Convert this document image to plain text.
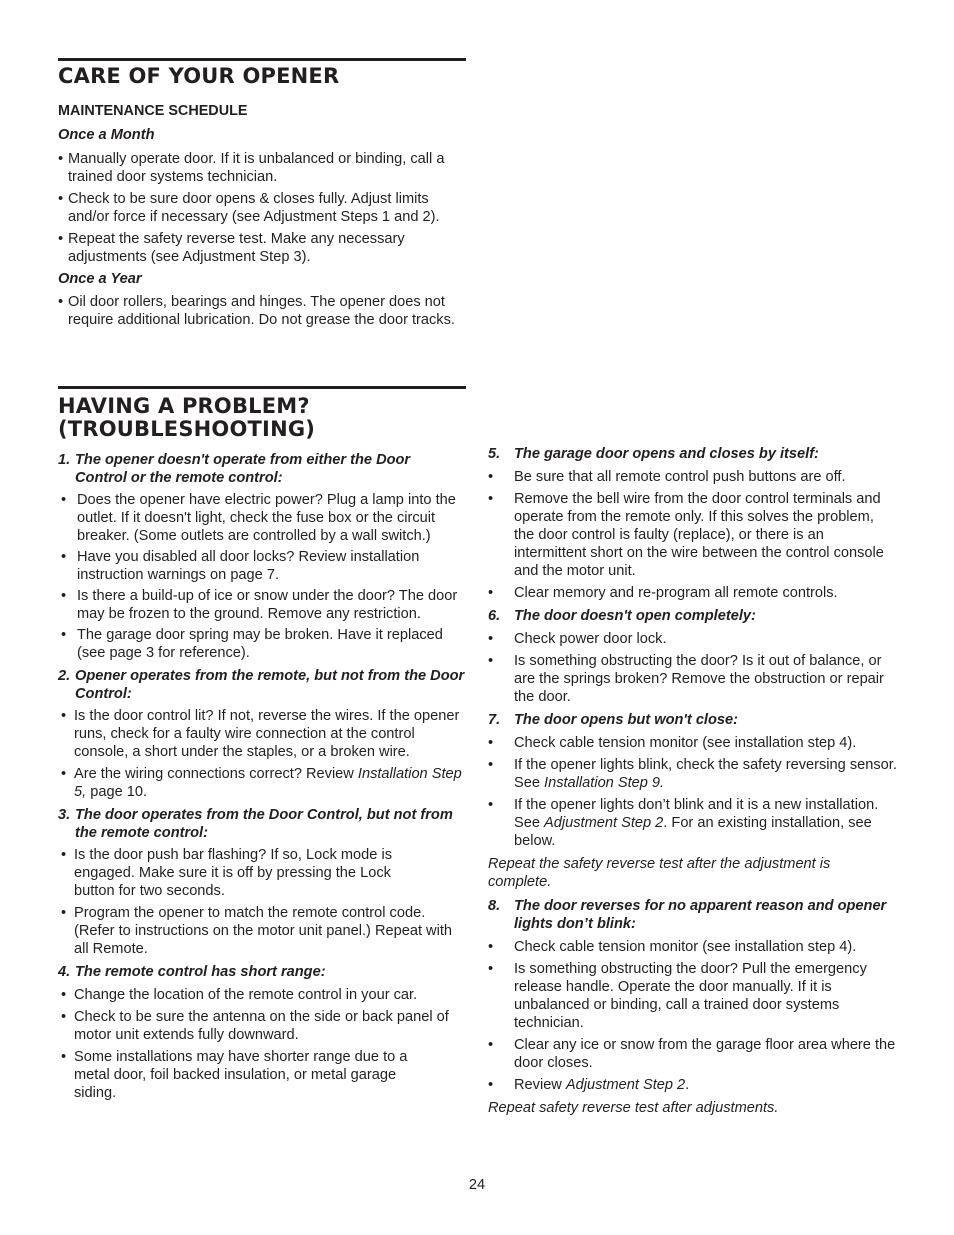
CARE OF YOUR OPENER

MAINTENANCE SCHEDULE

Once a Month

• Manually operate door. If it is unbalanced or binding, call a trained door systems technician.

• Check to be sure door opens & closes fully. Adjust limits and/or force if necessary (see Adjustment Steps 1 and 2).

• Repeat the safety reverse test. Make any necessary adjustments (see Adjustment Step 3).

Once a Year

• Oil door rollers, bearings and hinges. The opener does not require additional lubrication. Do not grease the door tracks.

HAVING A PROBLEM?
(TROUBLESHOOTING)

1. The opener doesn't operate from either the Door Control or the remote control:

• Does the opener have electric power? Plug a lamp into the outlet. If it doesn't light, check the fuse box or the circuit breaker. (Some outlets are controlled by a wall switch.)

• Have you disabled all door locks? Review installation instruction warnings on page 7.

• Is there a build-up of ice or snow under the door? The door may be frozen to the ground. Remove any restriction.

• The garage door spring may be broken. Have it replaced (see page 3 for reference).

2. Opener operates from the remote, but not from the Door Control:

• Is the door control lit? If not, reverse the wires. If the opener runs, check for a faulty wire connection at the control console, a short under the staples, or a broken wire.

• Are the wiring connections correct? Review Installation Step 5, page 10.

3. The door operates from the Door Control, but not from the remote control:

• Is the door push bar flashing? If so, Lock mode is engaged. Make sure it is off by pressing the Lock button for two seconds.

• Program the opener to match the remote control code. (Refer to instructions on the motor unit panel.) Repeat with all Remote.

4. The remote control has short range:

• Change the location of the remote control in your car.

• Check to be sure the antenna on the side or back panel of motor unit extends fully downward.

• Some installations may have shorter range due to a metal door, foil backed insulation, or metal garage siding.

5. The garage door opens and closes by itself:

• Be sure that all remote control push buttons are off.

• Remove the bell wire from the door control terminals and operate from the remote only. If this solves the problem, the door control is faulty (replace), or there is an intermittent short on the wire between the control console and the motor unit.

• Clear memory and re-program all remote controls.

6. The door doesn't open completely:

• Check power door lock.

• Is something obstructing the door? Is it out of balance, or are the springs broken? Remove the obstruction or repair the door.

7. The door opens but won't close:

• Check cable tension monitor (see installation step 4).

• If the opener lights blink, check the safety reversing sensor. See Installation Step 9.

• If the opener lights don’t blink and it is a new installation. See Adjustment Step 2. For an existing installation, see below.

Repeat the safety reverse test after the adjustment is complete.

8. The door reverses for no apparent reason and opener lights don’t blink:

• Check cable tension monitor (see installation step 4).

• Is something obstructing the door? Pull the emergency release handle. Operate the door manually. If it is unbalanced or binding, call a trained door systems technician.

• Clear any ice or snow from the garage floor area where the door closes.

• Review Adjustment Step 2.

Repeat safety reverse test after adjustments.

24
